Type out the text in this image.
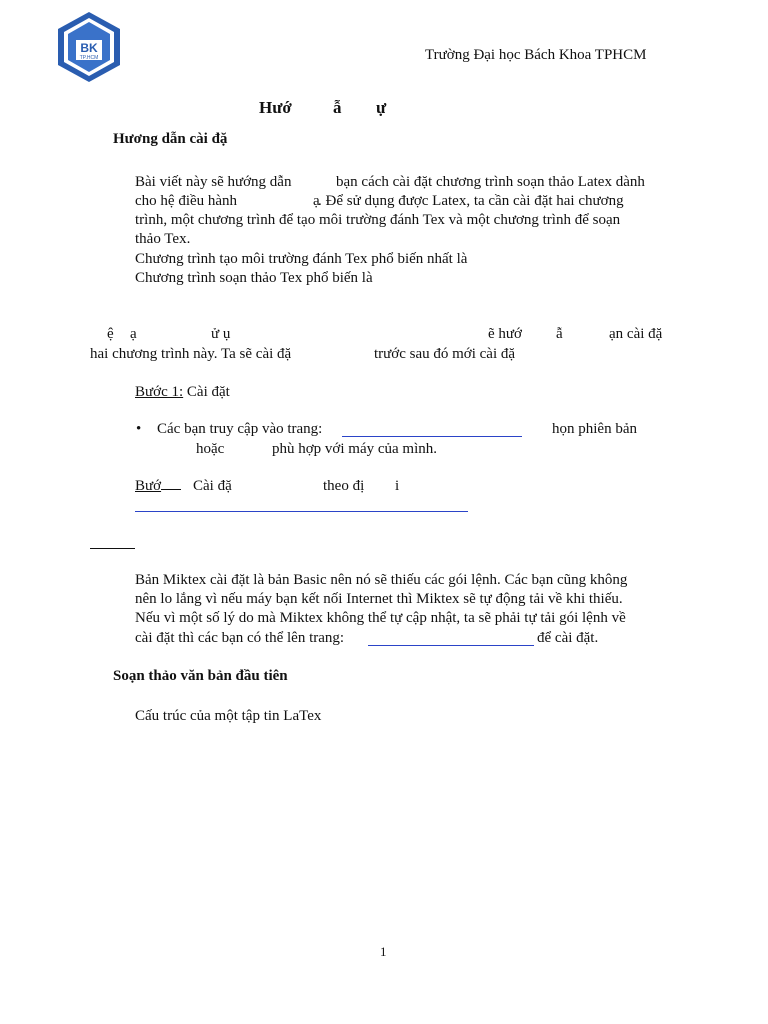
BK
TP.HCM	Trường Đại học Bách Khoa TPHCM
Hướ ẫ ự
Hương dẫn cài đặ
Bài viết này sẽ hướng dẫn	bạn cách cài đặt chương trình soạn thảo Latex dành
cho hệ điều hành	ạ
. Để sử dụng được Latex, ta cần cài đặt hai chương
trình, một chương trình để tạo môi trường đánh Tex và một chương trình để soạn
thảo Tex.
Chương trình tạo môi trường đánh Tex phổ biến nhất là
Chương trình soạn thảo Tex phổ biến là
ệ ạ	ử ụ	ẽ hướ ẫ	ạn cài đặ
hai chương trình này. Ta sẽ cài đặ	trước sau đó mới cài đặ
Bước 1: Cài đặt
• Các bạn truy cập vào trang:	họn phiên bản
hoặc	phù hợp với máy của mình.
Bướ	Cài đặ	theo đị i
Bản Miktex cài đặt là bản Basic nên nó sẽ thiếu các gói lệnh. Các bạn cũng không
nên lo lắng vì nếu máy bạn kết nối Internet thì Miktex sẽ tự động tải về khi thiếu.
Nếu vì một số lý do mà Miktex không thể tự cập nhật, ta sẽ phải tự tải gói lệnh về
cài đặt thì các bạn có thể lên trang:	để cài đặt.
Soạn thảo văn bản đầu tiên
Cấu trúc của một tập tin LaTex
1
